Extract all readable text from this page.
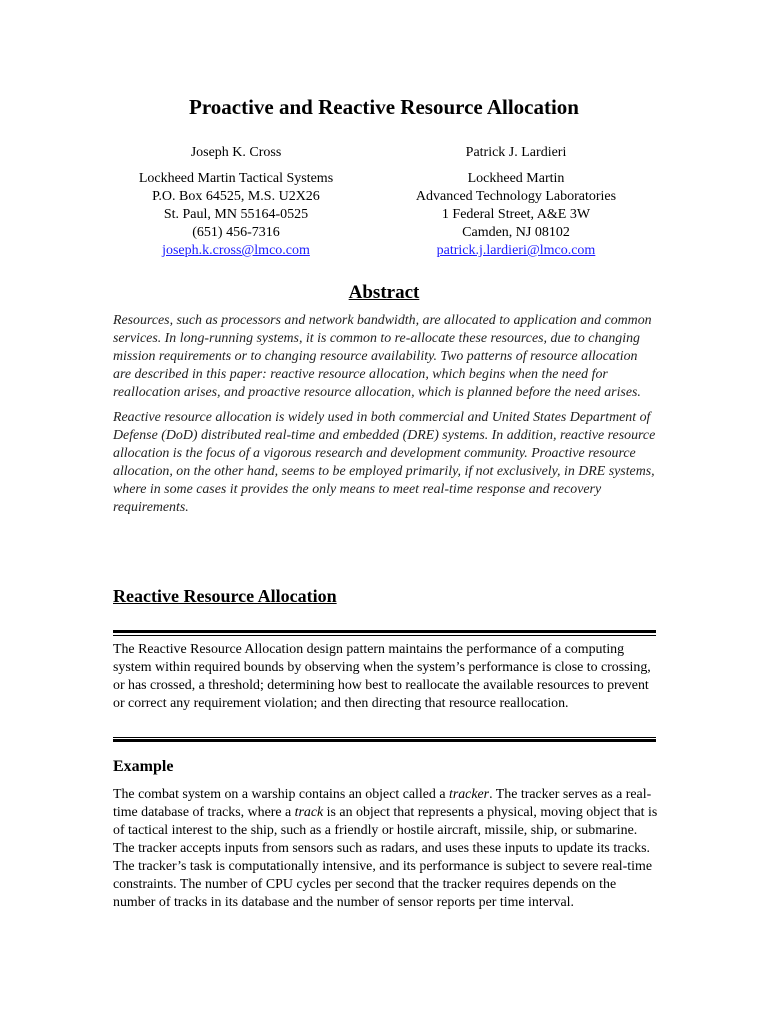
Proactive and Reactive Resource Allocation
Joseph K. Cross
Lockheed Martin Tactical Systems
P.O. Box 64525, M.S. U2X26
St. Paul, MN 55164-0525
(651) 456-7316
joseph.k.cross@lmco.com
Patrick J. Lardieri
Lockheed Martin
Advanced Technology Laboratories
1 Federal Street, A&E 3W
Camden, NJ 08102
patrick.j.lardieri@lmco.com
Abstract

Resources, such as processors and network bandwidth, are allocated to application and common services. In long-running systems, it is common to re-allocate these resources, due to changing mission requirements or to changing resource availability. Two patterns of resource allocation are described in this paper: reactive resource allocation, which begins when the need for reallocation arises, and proactive resource allocation, which is planned before the need arises.

Reactive resource allocation is widely used in both commercial and United States Department of Defense (DoD) distributed real-time and embedded (DRE) systems. In addition, reactive resource allocation is the focus of a vigorous research and development community. Proactive resource allocation, on the other hand, seems to be employed primarily, if not exclusively, in DRE systems, where in some cases it provides the only means to meet real-time response and recovery requirements.

Reactive Resource Allocation

The Reactive Resource Allocation design pattern maintains the performance of a computing system within required bounds by observing when the system’s performance is close to crossing, or has crossed, a threshold; determining how best to reallocate the available resources to prevent or correct any requirement violation; and then directing that resource reallocation.

Example

The combat system on a warship contains an object called a tracker. The tracker serves as a real-time database of tracks, where a track is an object that represents a physical, moving object that is of tactical interest to the ship, such as a friendly or hostile aircraft, missile, ship, or submarine. The tracker accepts inputs from sensors such as radars, and uses these inputs to update its tracks. The tracker’s task is computationally intensive, and its performance is subject to severe real-time constraints. The number of CPU cycles per second that the tracker requires depends on the number of tracks in its database and the number of sensor reports per time interval.
